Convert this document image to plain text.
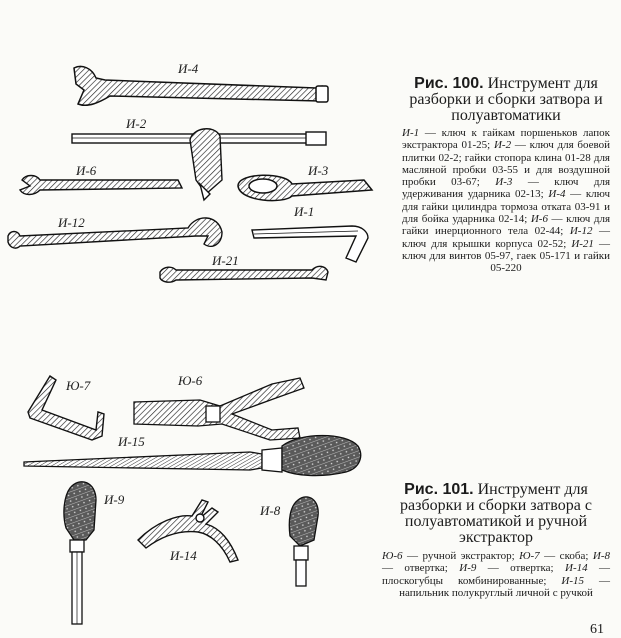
И-4
И-2
И-6	И-3
И-12
И-1
И-21
Ю-7	Ю-6
И-15
И-9
И-14
И-8
Рис. 100. Инструмент для разборки и сборки затвора и полуавтоматики
И-1 — ключ к гайкам поршеньков лапок экстрактора 01-25; И-2 — ключ для боевой плитки 02-2; гайки стопора клина 01-28 для масляной пробки 03-55 и для воздушной пробки 03-67; И-3 — ключ для удерживания ударника 02-13; И-4 — ключ для гайки цилиндра тормоза отката 03-91 и для бойка ударника 02-14; И-6 — ключ для гайки инерционного тела 02-44; И-12 — ключ для крышки корпуса 02-52; И-21 — ключ для винтов 05-97, гаек 05-171 и гайки 05-220
Рис. 101. Инструмент для разборки и сборки затвора с полуавтоматикой и ручной экстрактор
Ю-6 — ручной экстрактор; Ю-7 — скоба; И-8 — отвертка; И-9 — отвертка; И-14 — плоскогубцы комбинированные; И-15 — напильник полукруглый личной с ручкой
61
